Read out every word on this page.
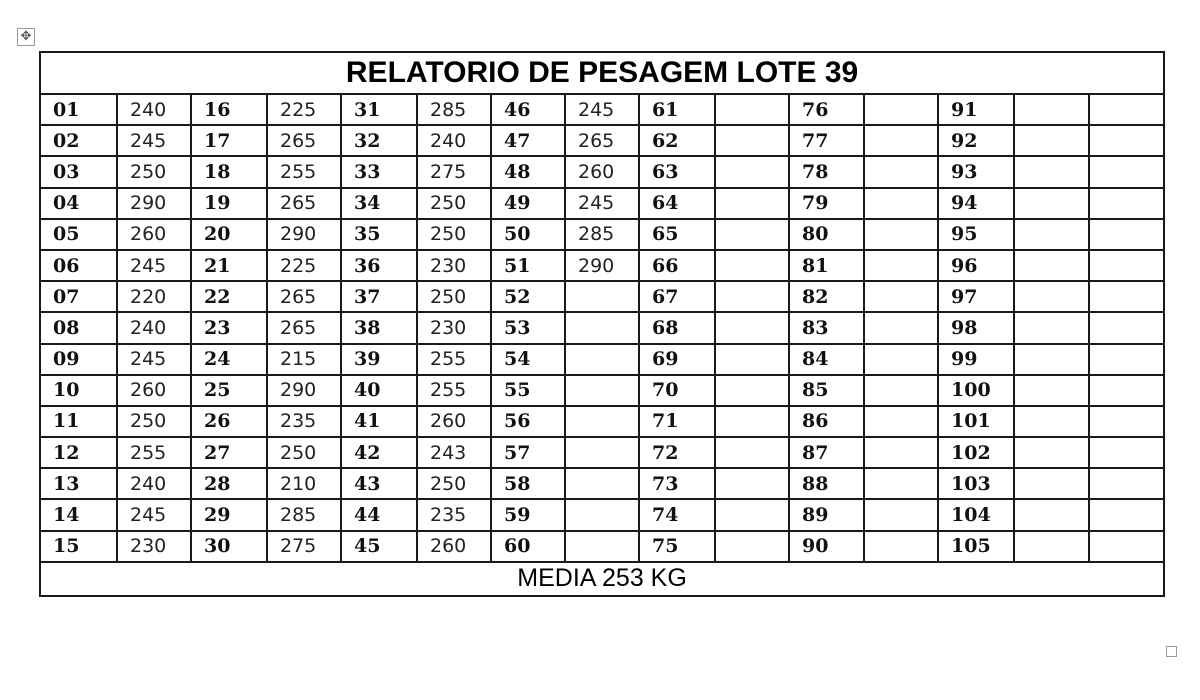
✥
RELATORIO DE PESAGEM LOTE 39														
01	240	16	225	31	285	46	245	61		76		91		
02	245	17	265	32	240	47	265	62		77		92		
03	250	18	255	33	275	48	260	63		78		93		
04	290	19	265	34	250	49	245	64		79		94		
05	260	20	290	35	250	50	285	65		80		95		
06	245	21	225	36	230	51	290	66		81		96		
07	220	22	265	37	250	52		67		82		97		
08	240	23	265	38	230	53		68		83		98		
09	245	24	215	39	255	54		69		84		99		
10	260	25	290	40	255	55		70		85		100		
11	250	26	235	41	260	56		71		86		101		
12	255	27	250	42	243	57		72		87		102		
13	240	28	210	43	250	58		73		88		103		
14	245	29	285	44	235	59		74		89		104		
15	230	30	275	45	260	60		75		90		105		
MEDIA 253 KG														
